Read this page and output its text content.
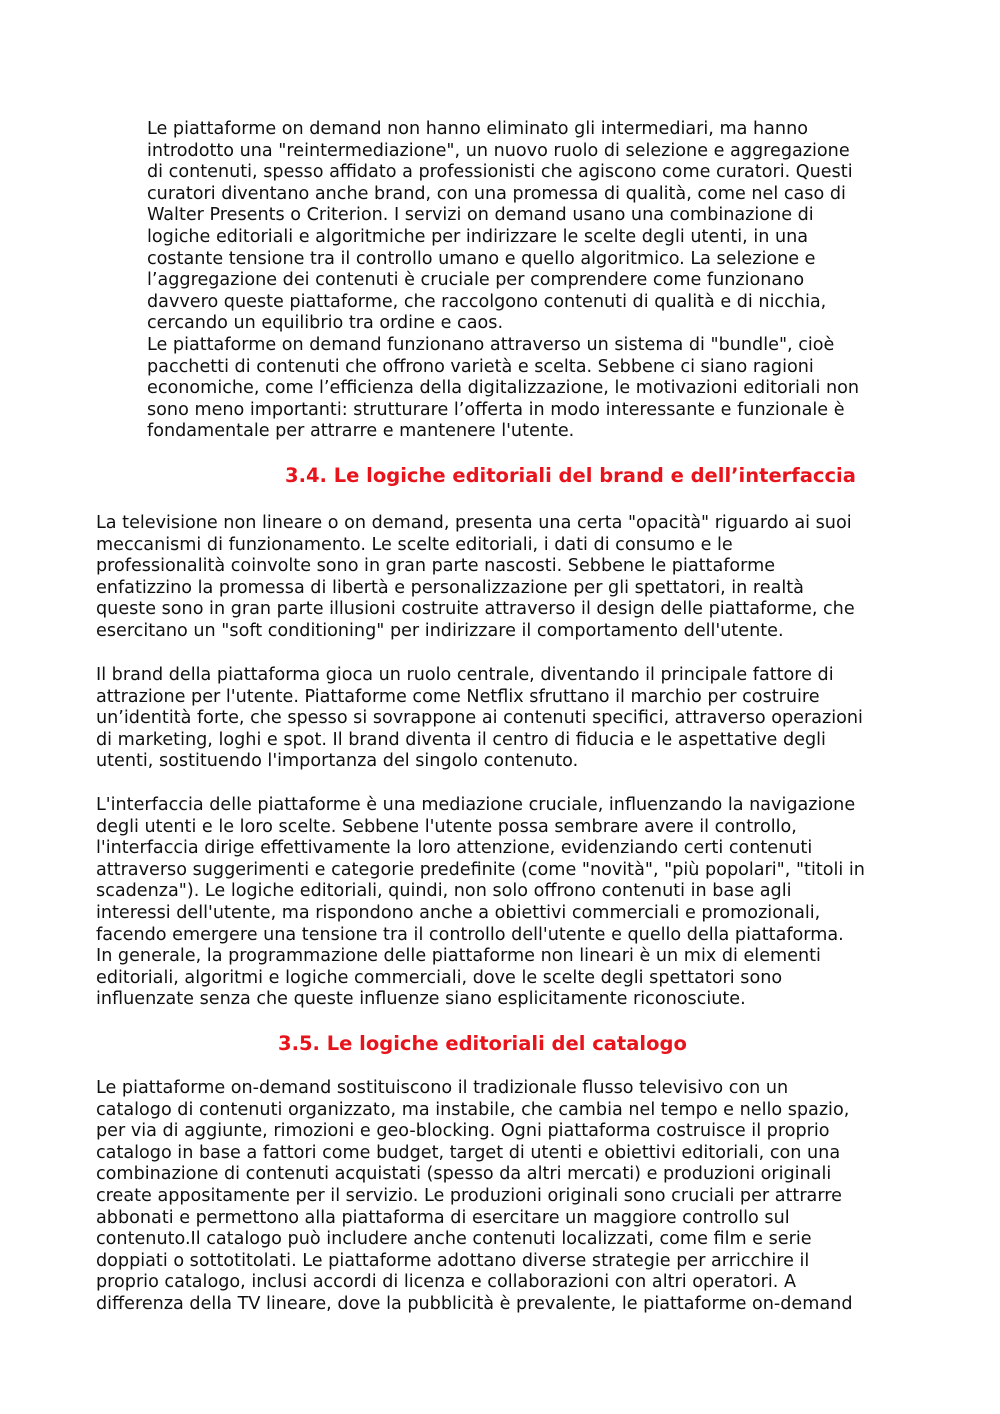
Le piattaforme on demand non hanno eliminato gli intermediari, ma hanno
introdotto una "reintermediazione", un nuovo ruolo di selezione e aggregazione
di contenuti, spesso affidato a professionisti che agiscono come curatori. Questi
curatori diventano anche brand, con una promessa di qualità, come nel caso di
Walter Presents o Criterion. I servizi on demand usano una combinazione di
logiche editoriali e algoritmiche per indirizzare le scelte degli utenti, in una
costante tensione tra il controllo umano e quello algoritmico. La selezione e
l’aggregazione dei contenuti è cruciale per comprendere come funzionano
davvero queste piattaforme, che raccolgono contenuti di qualità e di nicchia,
cercando un equilibrio tra ordine e caos.

Le piattaforme on demand funzionano attraverso un sistema di "bundle", cioè
pacchetti di contenuti che offrono varietà e scelta. Sebbene ci siano ragioni
economiche, come l’efficienza della digitalizzazione, le motivazioni editoriali non
sono meno importanti: strutturare l’offerta in modo interessante e funzionale è
fondamentale per attrarre e mantenere l'utente.

3.4. Le logiche editoriali del brand e dell’interfaccia

La televisione non lineare o on demand, presenta una certa "opacità" riguardo ai suoi
meccanismi di funzionamento. Le scelte editoriali, i dati di consumo e le
professionalità coinvolte sono in gran parte nascosti. Sebbene le piattaforme
enfatizzino la promessa di libertà e personalizzazione per gli spettatori, in realtà
queste sono in gran parte illusioni costruite attraverso il design delle piattaforme, che
esercitano un "soft conditioning" per indirizzare il comportamento dell'utente.

Il brand della piattaforma gioca un ruolo centrale, diventando il principale fattore di
attrazione per l'utente. Piattaforme come Netflix sfruttano il marchio per costruire
un’identità forte, che spesso si sovrappone ai contenuti specifici, attraverso operazioni
di marketing, loghi e spot. Il brand diventa il centro di fiducia e le aspettative degli
utenti, sostituendo l'importanza del singolo contenuto.

L'interfaccia delle piattaforme è una mediazione cruciale, influenzando la navigazione
degli utenti e le loro scelte. Sebbene l'utente possa sembrare avere il controllo,
l'interfaccia dirige effettivamente la loro attenzione, evidenziando certi contenuti
attraverso suggerimenti e categorie predefinite (come "novità", "più popolari", "titoli in
scadenza"). Le logiche editoriali, quindi, non solo offrono contenuti in base agli
interessi dell'utente, ma rispondono anche a obiettivi commerciali e promozionali,
facendo emergere una tensione tra il controllo dell'utente e quello della piattaforma.
In generale, la programmazione delle piattaforme non lineari è un mix di elementi
editoriali, algoritmi e logiche commerciali, dove le scelte degli spettatori sono
influenzate senza che queste influenze siano esplicitamente riconosciute.

3.5. Le logiche editoriali del catalogo

Le piattaforme on-demand sostituiscono il tradizionale flusso televisivo con un
catalogo di contenuti organizzato, ma instabile, che cambia nel tempo e nello spazio,
per via di aggiunte, rimozioni e geo-blocking. Ogni piattaforma costruisce il proprio
catalogo in base a fattori come budget, target di utenti e obiettivi editoriali, con una
combinazione di contenuti acquistati (spesso da altri mercati) e produzioni originali
create appositamente per il servizio. Le produzioni originali sono cruciali per attrarre
abbonati e permettono alla piattaforma di esercitare un maggiore controllo sul
contenuto.Il catalogo può includere anche contenuti localizzati, come film e serie
doppiati o sottotitolati. Le piattaforme adottano diverse strategie per arricchire il
proprio catalogo, inclusi accordi di licenza e collaborazioni con altri operatori. A
differenza della TV lineare, dove la pubblicità è prevalente, le piattaforme on-demand
